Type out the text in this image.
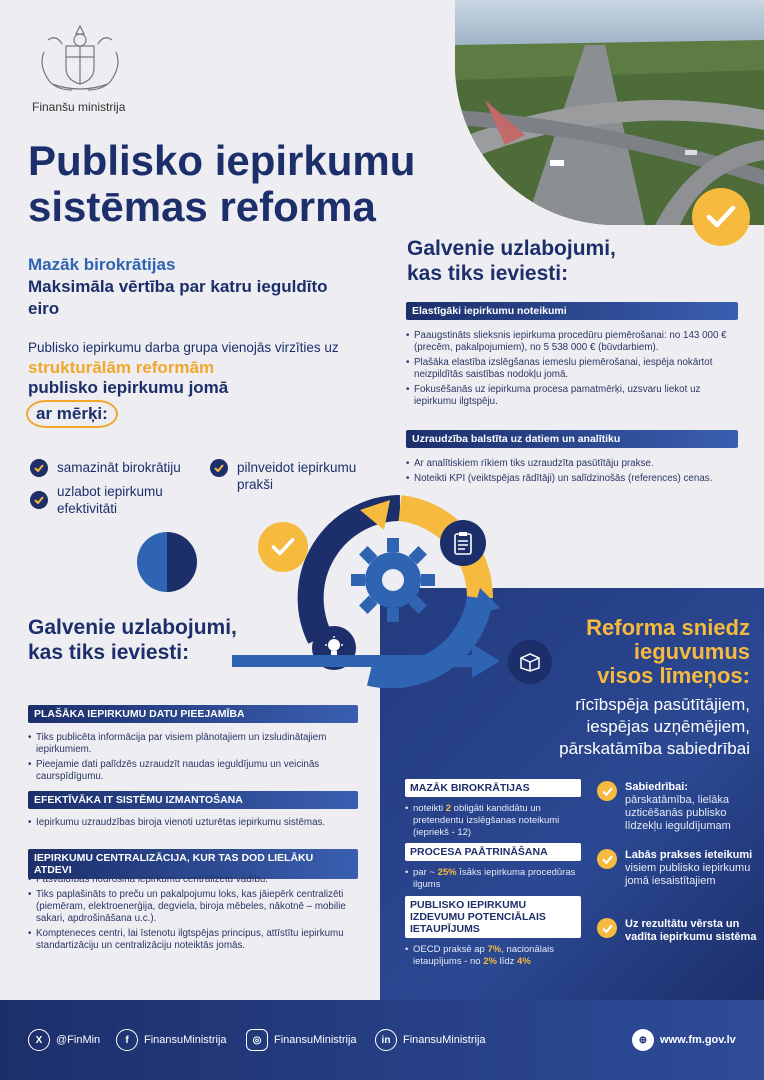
Finanšu ministrija
Publisko iepirkumu
sistēmas reforma
Mazāk birokrātijas
Maksimāla vērtība par katru ieguldīto eiro
Publisko iepirkumu darba grupa vienojās virzīties uz
strukturālām reformām
publisko iepirkumu jomā
ar mērķi:
samazināt birokrātiju	pilnveidot iepirkumu prakši
uzlabot iepirkumu efektivitāti
Galvenie uzlabojumi,
kas tiks ieviesti:
Elastīgāki iepirkumu noteikumi
• Paaugstināts slieksnis iepirkuma procedūru piemērošanai: no 143 000 € (precēm, pakalpojumiem), no 5 538 000 € (būvdarbiem).
• Plašāka elastība izslēgšanas iemeslu piemērošanai, iespēja nokārtot neizpildītās saistības nodokļu jomā.
• Fokusēšanās uz iepirkuma procesa pamatmērķi, uzsvaru liekot uz iepirkumu ilgtspēju.
Uzraudzība balstīta uz datiem un analītiku
• Ar analītiskiem rīkiem tiks uzraudzīta pasūtītāju prakse.
• Noteikti KPI (veiktspējas rādītāji) un salīdzinošās (references) cenas.
Galvenie uzlabojumi,
kas tiks ieviesti:
PLAŠĀKA IEPIRKUMU DATU PIEEJAMĪBA
• Tiks publicēta informācija par visiem plānotajiem un izsludinātajiem iepirkumiem.
• Pieejamie dati palīdzēs uzraudzīt naudas ieguldījumu un veicinās caurspīdīgumu.
EFEKTĪVĀKA IT SISTĒMU IZMANTOŠANA
• Iepirkumu uzraudzības biroja vienoti uzturētas iepirkumu sistēmas.
IEPIRKUMU CENTRALIZĀCIJA, KUR TAS DOD LIELĀKU ATDEVI
• Pašvaldības nodrošina iepirkumu centralizētu vadību.
• Tiks paplašināts to preču un pakalpojumu loks, kas jāiepērk centralizēti (piemēram, elektroenerģija, degviela, biroja mēbeles, nākotnē – mobilie sakari, apdrošināšana u.c.).
• Kompteneces centri, lai īstenotu ilgtspējas principus, attīstītu iepirkumu standartizāciju un centralizāciju noteiktās jomās.
Reforma sniedz
ieguvumus
visos līmeņos:
rīcībspēja pasūtītājiem,
iespējas uzņēmējiem,
pārskatāmība sabiedrībai
MAZĀK BIROKRĀTIJAS
• noteikti 2 obligāti kandidātu un pretendentu izslēgšanas noteikumi (iepriekš - 12)
PROCESA PAĀTRINĀŠANA
• par ~ 25% īsāks iepirkuma procedūras ilgums
PUBLISKO IEPIRKUMU IZDEVUMU POTENCIĀLAIS IETAUPĪJUMS
• OECD praksē ap 7%, nacionālais ietaupījums - no 2% līdz 4%
Sabiedrībai:
pārskatāmība, lielāka uzticēšanās publisko līdzekļu ieguldījumam
Labās prakses ieteikumi visiem publisko iepirkumu jomā iesaistītajiem
Uz rezultātu vērsta un vadīta iepirkumu sistēma
X	@FinMin	f	FinansuMinistrija	◎	FinansuMinistrija	in	FinansuMinistrija	⊕	www.fm.gov.lv
